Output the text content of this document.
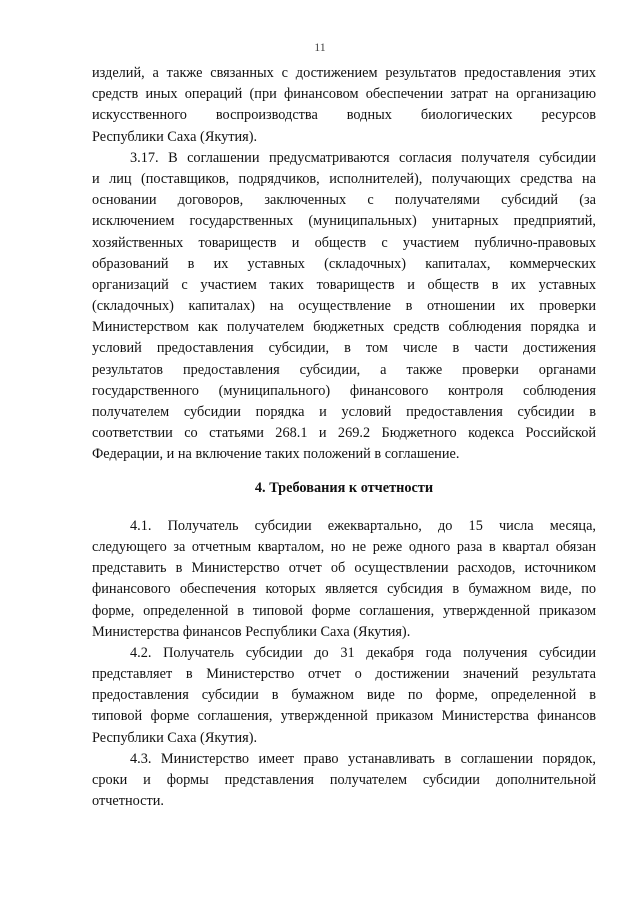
11
изделий, а также связанных с достижением результатов предоставления этих
средств иных операций (при финансовом обеспечении затрат на организацию
искусственного воспроизводства водных биологических ресурсов
Республики Саха (Якутия).
3.17. В соглашении предусматриваются согласия получателя субсидии
и лиц (поставщиков, подрядчиков, исполнителей), получающих средства на
основании договоров, заключенных с получателями субсидий (за
исключением государственных (муниципальных) унитарных предприятий,
хозяйственных товариществ и обществ с участием публично-правовых
образований в их уставных (складочных) капиталах, коммерческих
организаций с участием таких товариществ и обществ в их уставных
(складочных) капиталах) на осуществление в отношении их проверки
Министерством как получателем бюджетных средств соблюдения порядка и
условий предоставления субсидии, в том числе в части достижения
результатов предоставления субсидии, а также проверки органами
государственного (муниципального) финансового контроля соблюдения
получателем субсидии порядка и условий предоставления субсидии в
соответствии со статьями 268.1 и 269.2 Бюджетного кодекса Российской
Федерации, и на включение таких положений в соглашение.
4. Требования к отчетности
4.1. Получатель субсидии ежеквартально, до 15 числа месяца,
следующего за отчетным кварталом, но не реже одного раза в квартал обязан
представить в Министерство отчет об осуществлении расходов, источником
финансового обеспечения которых является субсидия в бумажном виде, по
форме, определенной в типовой форме соглашения, утвержденной приказом
Министерства финансов Республики Саха (Якутия).
4.2. Получатель субсидии до 31 декабря года получения субсидии
представляет в Министерство отчет о достижении значений результата
предоставления субсидии в бумажном виде по форме, определенной в
типовой форме соглашения, утвержденной приказом Министерства финансов
Республики Саха (Якутия).
4.3. Министерство имеет право устанавливать в соглашении порядок,
сроки и формы представления получателем субсидии дополнительной
отчетности.
